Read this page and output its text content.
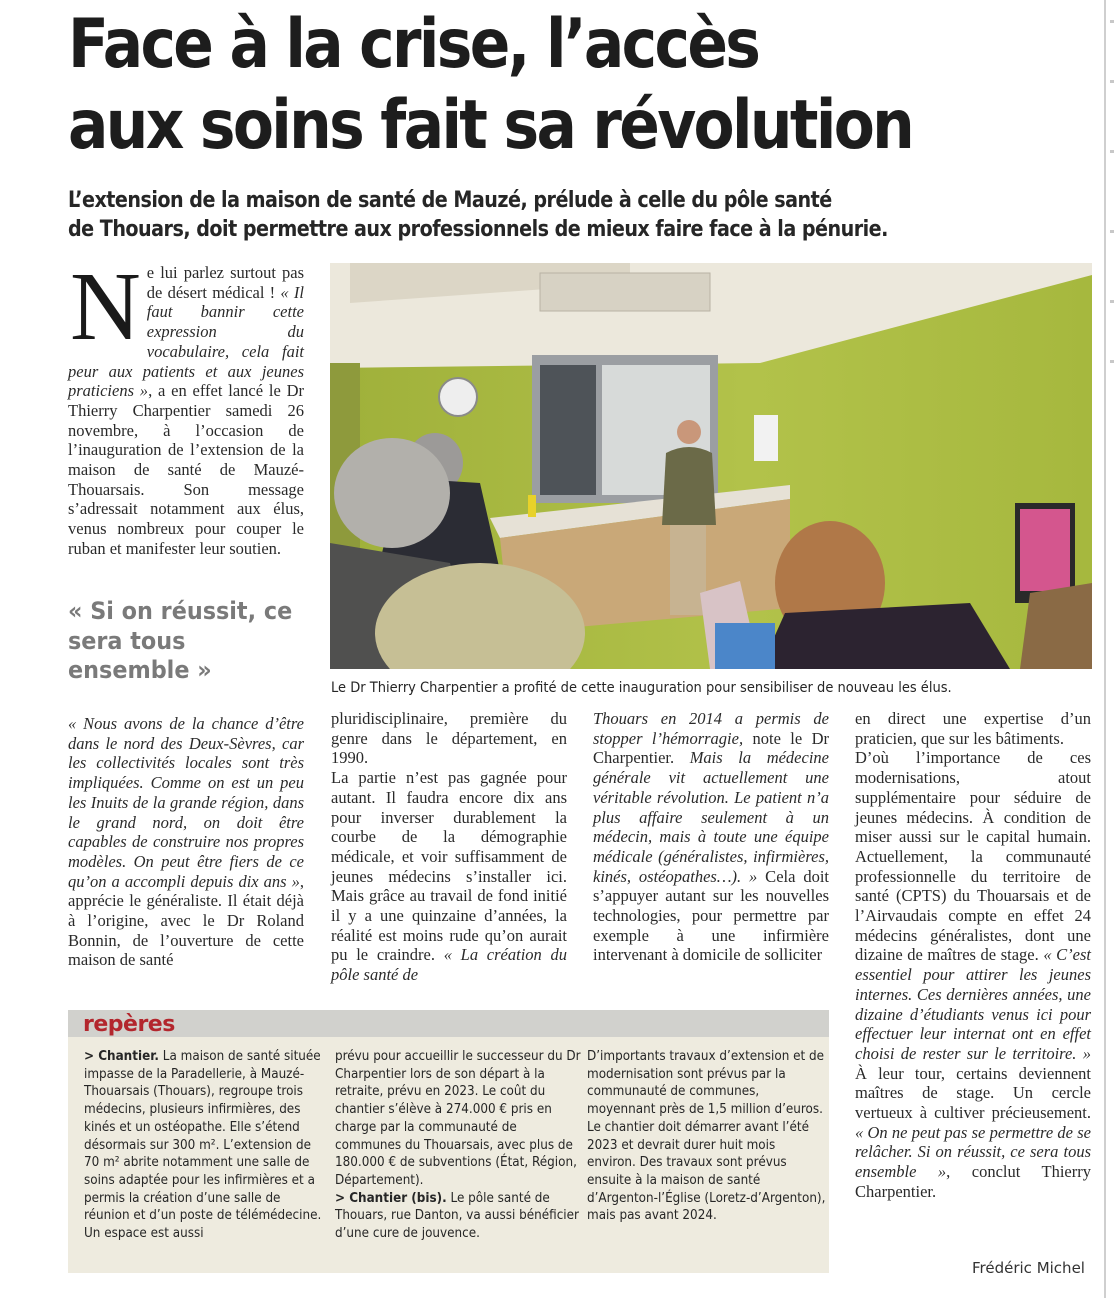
Face à la crise, l’accès
aux soins fait sa révolution
L’extension de la maison de santé de Mauzé, prélude à celle du pôle santé
de Thouars, doit permettre aux professionnels de mieux faire face à la pénurie.
N e lui parlez surtout pas de désert médical ! « Il faut bannir cette expression du vocabulaire, cela fait peur aux patients et aux jeunes praticiens », a en effet lancé le Dr Thierry Charpentier samedi 26 novembre, à l’occasion de l’inauguration de l’extension de la maison de santé de Mauzé-Thouarsais. Son message s’adressait notamment aux élus, venus nombreux pour couper le ruban et manifester leur soutien.

« Si on réussit, ce sera tous ensemble »

Le Dr Thierry Charpentier a profité de cette inauguration pour sensibiliser de nouveau les élus.

« Nous avons de la chance d’être dans le nord des Deux-Sèvres, car les collectivités locales sont très impliquées. Comme on est un peu les Inuits de la grande région, dans le grand nord, on doit être capables de construire nos propres modèles. On peut être fiers de ce qu’on a accompli depuis dix ans », apprécie le généraliste. Il était déjà à l’origine, avec le Dr Roland Bonnin, de l’ouverture de cette maison de santé

pluridisciplinaire, première du genre dans le département, en 1990.

La partie n’est pas gagnée pour autant. Il faudra encore dix ans pour inverser durablement la courbe de la démographie médicale, et voir suffisamment de jeunes médecins s’installer ici. Mais grâce au travail de fond initié il y a une quinzaine d’années, la réalité est moins rude qu’on aurait pu le craindre. « La création du pôle santé de

Thouars en 2014 a permis de stopper l’hémorragie, note le Dr Charpentier. Mais la médecine générale vit actuellement une véritable révolution. Le patient n’a plus affaire seulement à un médecin, mais à toute une équipe médicale (généralistes, infirmières, kinés, ostéopathes…). » Cela doit s’appuyer autant sur les nouvelles technologies, pour permettre par exemple à une infirmière intervenant à domicile de solliciter

en direct une expertise d’un praticien, que sur les bâtiments.

D’où l’importance de ces modernisations, atout supplémentaire pour séduire de jeunes médecins. À condition de miser aussi sur le capital humain. Actuellement, la communauté professionnelle du territoire de santé (CPTS) du Thouarsais et de l’Airvaudais compte en effet 24 médecins généralistes, dont une dizaine de maîtres de stage. « C’est essentiel pour attirer les jeunes internes. Ces dernières années, une dizaine d’étudiants venus ici pour effectuer leur internat ont en effet choisi de rester sur le territoire. » À leur tour, certains deviennent maîtres de stage. Un cercle vertueux à cultiver précieusement. « On ne peut pas se permettre de se relâcher. Si on réussit, ce sera tous ensemble », conclut Thierry Charpentier.

repères

> Chantier. La maison de santé située impasse de la Paradellerie, à Mauzé-Thouarsais (Thouars), regroupe trois médecins, plusieurs infirmières, des kinés et un ostéopathe. Elle s’étend désormais sur 300 m². L’extension de 70 m² abrite notamment une salle de soins adaptée pour les infirmières et a permis la création d’une salle de réunion et d’un poste de télémédecine. Un espace est aussi

prévu pour accueillir le successeur du Dr Charpentier lors de son départ à la retraite, prévu en 2023. Le coût du chantier s’élève à 274.000 € pris en charge par la communauté de communes du Thouarsais, avec plus de 180.000 € de subventions (État, Région, Département).
> Chantier (bis). Le pôle santé de Thouars, rue Danton, va aussi bénéficier d’une cure de jouvence.

D’importants travaux d’extension et de modernisation sont prévus par la communauté de communes, moyennant près de 1,5 million d’euros. Le chantier doit démarrer avant l’été 2023 et devrait durer huit mois environ. Des travaux sont prévus ensuite à la maison de santé d’Argenton-l’Église (Loretz-d’Argenton), mais pas avant 2024.

Frédéric Michel
